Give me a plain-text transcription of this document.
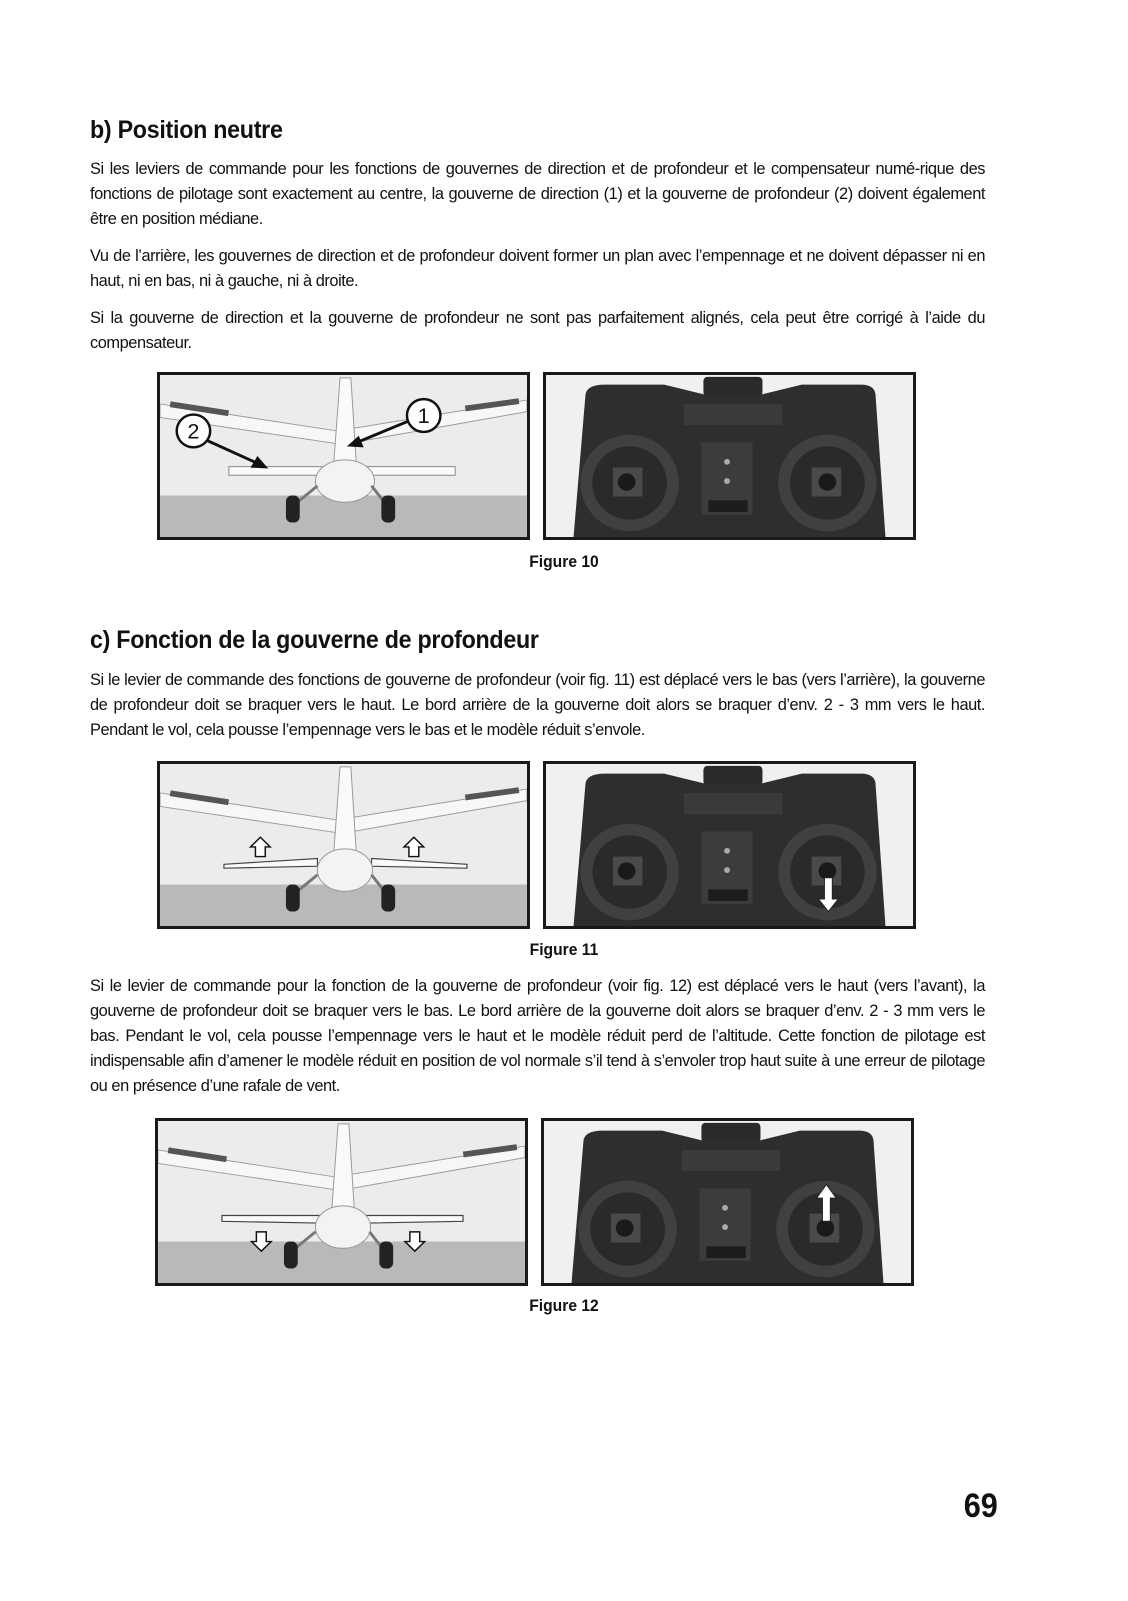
b) Position neutre

Si les leviers de commande pour les fonctions de gouvernes de direction et de profondeur et le compensateur numé-rique des fonctions de pilotage sont exactement au centre, la gouverne de direction (1) et la gouverne de profondeur (2) doivent également être en position médiane.

Vu de l’arrière, les gouvernes de direction et de profondeur doivent former un plan avec l’empennage et ne doivent dépasser ni en haut, ni en bas, ni à gauche, ni à droite.

Si la gouverne de direction et la gouverne de profondeur ne sont pas parfaitement alignés, cela peut être corrigé à l’aide du compensateur.

2
1

Figure 10

c) Fonction de la gouverne de profondeur

Si le levier de commande des fonctions de gouverne de profondeur (voir fig. 11) est déplacé vers le bas (vers l’arrière), la gouverne de profondeur doit se braquer vers le haut. Le bord arrière de la gouverne doit alors se braquer d’env. 2 - 3 mm vers le haut. Pendant le vol, cela pousse l’empennage vers le bas et le modèle réduit s’envole.

Figure 11

Si le levier de commande pour la fonction de la gouverne de profondeur (voir fig. 12) est déplacé vers le haut (vers l’avant), la gouverne de profondeur doit se braquer vers le bas. Le bord arrière de la gouverne doit alors se braquer d’env. 2 - 3 mm vers le bas. Pendant le vol, cela pousse l’empennage vers le haut et le modèle réduit perd de l’altitude. Cette fonction de pilotage est indispensable afin d’amener le modèle réduit en position de vol normale s’il tend à s’envoler trop haut suite à une erreur de pilotage ou en présence d’une rafale de vent.

Figure 12

69
